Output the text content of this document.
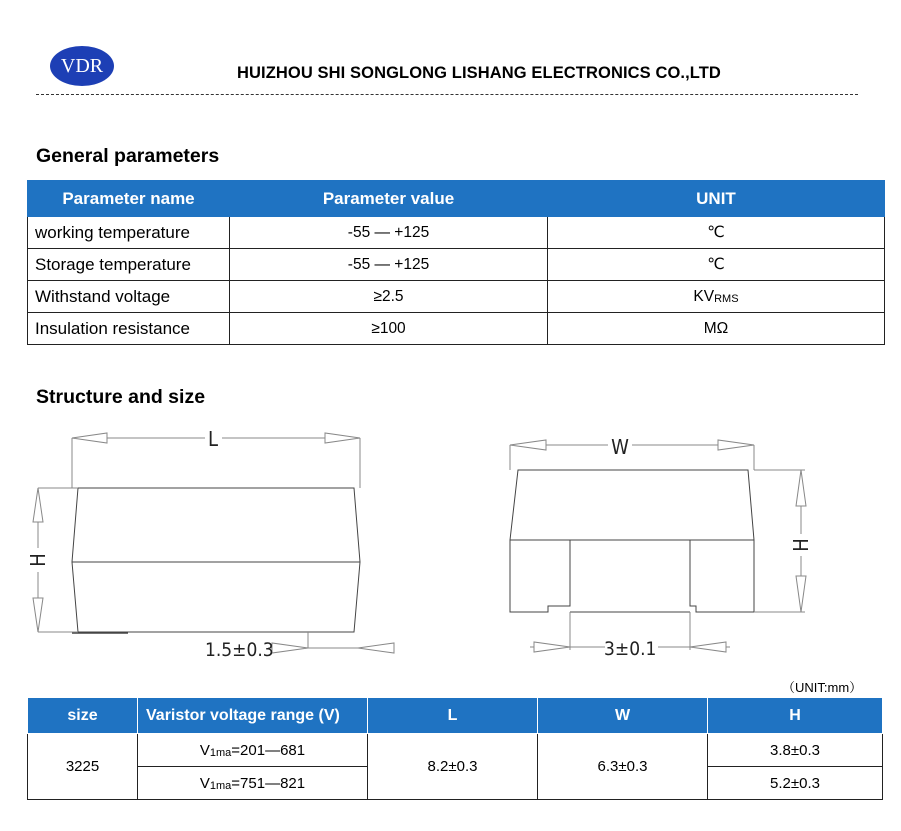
VDR	HUIZHOU SHI SONGLONG LISHANG ELECTRONICS CO.,LTD
General parameters
Parameter name	Parameter value	UNIT
working temperature	-55 — +125	℃
Storage temperature	-55 — +125	℃
Withstand voltage	≥2.5	$KV_{RMS}$
Insulation resistance	≥100	MΩ
Structure and size
L	W
H
H
1.5±0.3	3±0.1
（UNIT:mm）
size	Varistor voltage range (V)	L	W	H
3225	$V_{1ma}=201—681$	8.2±0.3	6.3±0.3	3.8±0.3
	$V_{1ma}=751—821$			5.2±0.3
